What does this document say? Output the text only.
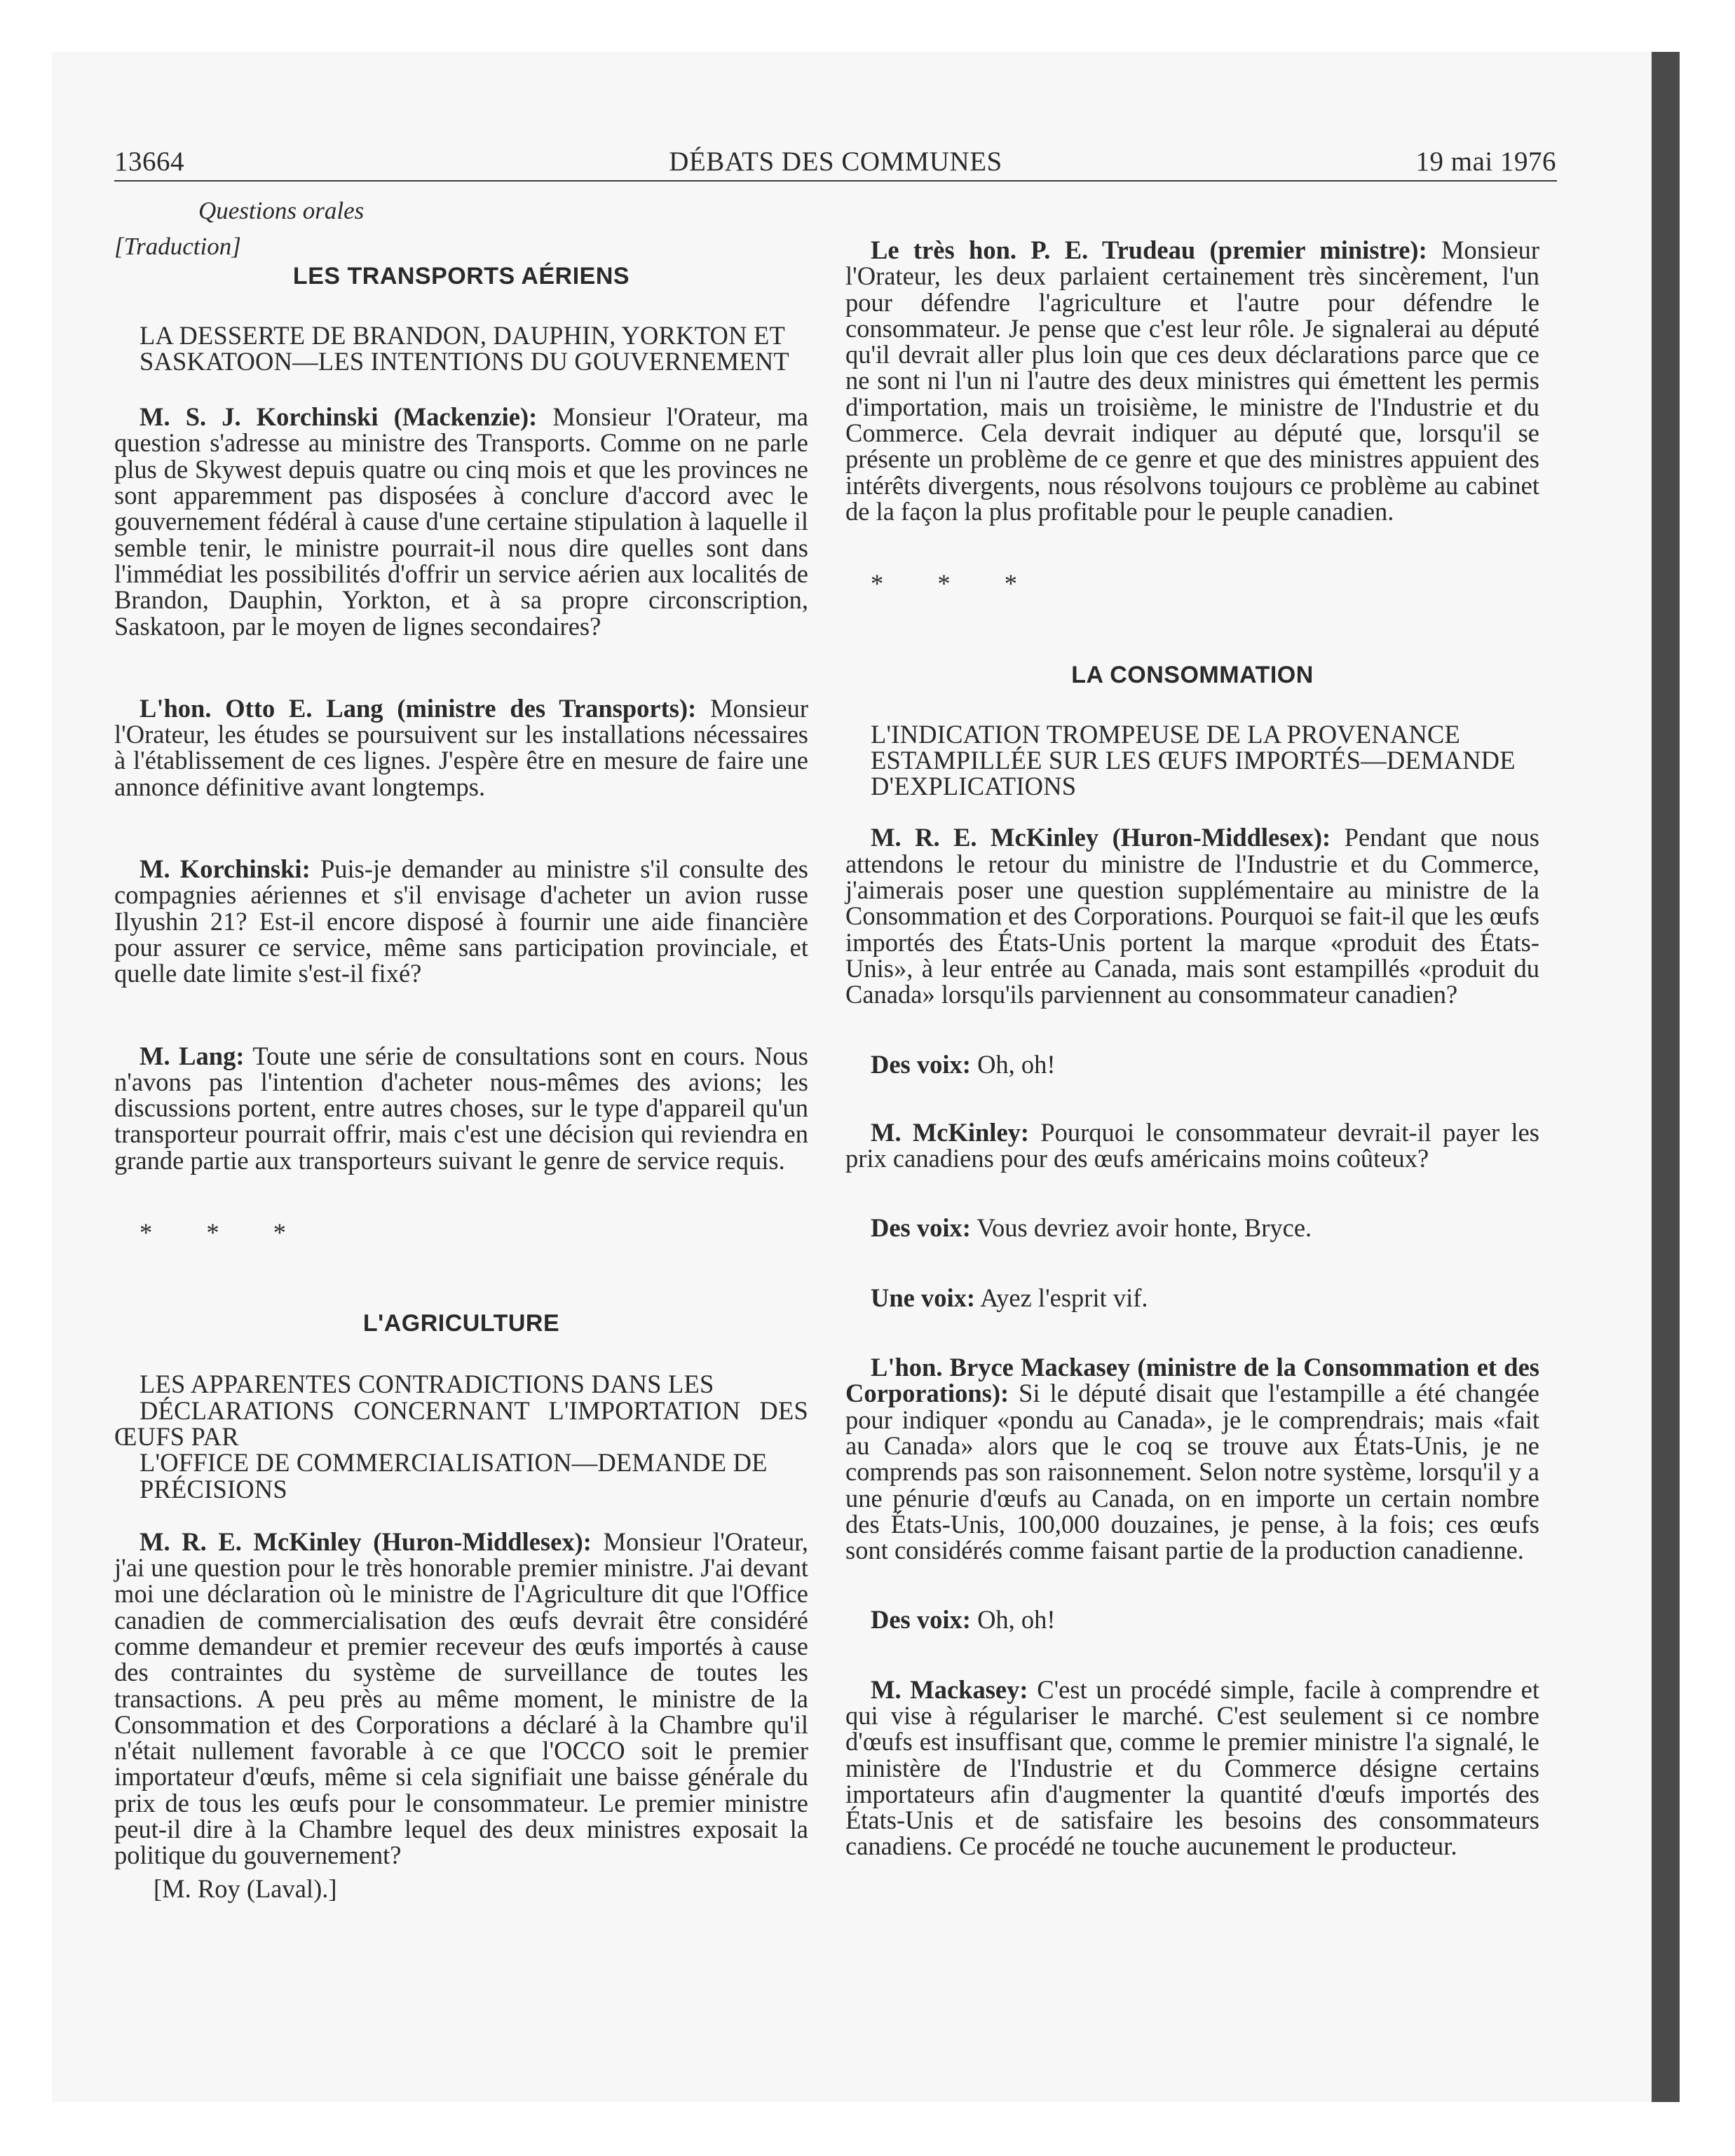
13664	DÉBATS DES COMMUNES	19 mai 1976

Questions orales

[Traduction]

LES TRANSPORTS AÉRIENS

LA DESSERTE DE BRANDON, DAUPHIN, YORKTON ET

SASKATOON—LES INTENTIONS DU GOUVERNEMENT

M. S. J. Korchinski (Mackenzie): Monsieur l'Orateur, ma question s'adresse au ministre des Transports. Comme on ne parle plus de Skywest depuis quatre ou cinq mois et que les provinces ne sont apparemment pas disposées à conclure d'accord avec le gouvernement fédéral à cause d'une certaine stipulation à laquelle il semble tenir, le ministre pourrait-il nous dire quelles sont dans l'immédiat les possibilités d'offrir un service aérien aux localités de Brandon, Dauphin, Yorkton, et à sa propre circonscription, Saskatoon, par le moyen de lignes secondaires?

L'hon. Otto E. Lang (ministre des Transports): Monsieur l'Orateur, les études se poursuivent sur les installations nécessaires à l'établissement de ces lignes. J'espère être en mesure de faire une annonce définitive avant longtemps.

M. Korchinski: Puis-je demander au ministre s'il consulte des compagnies aériennes et s'il envisage d'acheter un avion russe Ilyushin 21? Est-il encore disposé à fournir une aide financière pour assurer ce service, même sans participation provinciale, et quelle date limite s'est-il fixé?

M. Lang: Toute une série de consultations sont en cours. Nous n'avons pas l'intention d'acheter nous-mêmes des avions; les discussions portent, entre autres choses, sur le type d'appareil qu'un transporteur pourrait offrir, mais c'est une décision qui reviendra en grande partie aux transporteurs suivant le genre de service requis.

* * *

L'AGRICULTURE

LES APPARENTES CONTRADICTIONS DANS LES

DÉCLARATIONS CONCERNANT L'IMPORTATION DES ŒUFS PAR

L'OFFICE DE COMMERCIALISATION—DEMANDE DE

PRÉCISIONS

M. R. E. McKinley (Huron-Middlesex): Monsieur l'Orateur, j'ai une question pour le très honorable premier ministre. J'ai devant moi une déclaration où le ministre de l'Agriculture dit que l'Office canadien de commercialisation des œufs devrait être considéré comme demandeur et premier receveur des œufs importés à cause des contraintes du système de surveillance de toutes les transactions. A peu près au même moment, le ministre de la Consommation et des Corporations a déclaré à la Chambre qu'il n'était nullement favorable à ce que l'OCCO soit le premier importateur d'œufs, même si cela signifiait une baisse générale du prix de tous les œufs pour le consommateur. Le premier ministre peut-il dire à la Chambre lequel des deux ministres exposait la politique du gouvernement?

[M. Roy (Laval).]

Le très hon. P. E. Trudeau (premier ministre): Monsieur l'Orateur, les deux parlaient certainement très sincèrement, l'un pour défendre l'agriculture et l'autre pour défendre le consommateur. Je pense que c'est leur rôle. Je signalerai au député qu'il devrait aller plus loin que ces deux déclarations parce que ce ne sont ni l'un ni l'autre des deux ministres qui émettent les permis d'importation, mais un troisième, le ministre de l'Industrie et du Commerce. Cela devrait indiquer au député que, lorsqu'il se présente un problème de ce genre et que des ministres appuient des intérêts divergents, nous résolvons toujours ce problème au cabinet de la façon la plus profitable pour le peuple canadien.

* * *

LA CONSOMMATION

L'INDICATION TROMPEUSE DE LA PROVENANCE

ESTAMPILLÉE SUR LES ŒUFS IMPORTÉS—DEMANDE

D'EXPLICATIONS

M. R. E. McKinley (Huron-Middlesex): Pendant que nous attendons le retour du ministre de l'Industrie et du Commerce, j'aimerais poser une question supplémentaire au ministre de la Consommation et des Corporations. Pourquoi se fait-il que les œufs importés des États-Unis portent la marque «produit des États-Unis», à leur entrée au Canada, mais sont estampillés «produit du Canada» lorsqu'ils parviennent au consommateur canadien?

Des voix: Oh, oh!

M. McKinley: Pourquoi le consommateur devrait-il payer les prix canadiens pour des œufs américains moins coûteux?

Des voix: Vous devriez avoir honte, Bryce.

Une voix: Ayez l'esprit vif.

L'hon. Bryce Mackasey (ministre de la Consommation et des Corporations): Si le député disait que l'estampille a été changée pour indiquer «pondu au Canada», je le comprendrais; mais «fait au Canada» alors que le coq se trouve aux États-Unis, je ne comprends pas son raisonnement. Selon notre système, lorsqu'il y a une pénurie d'œufs au Canada, on en importe un certain nombre des États-Unis, 100,000 douzaines, je pense, à la fois; ces œufs sont considérés comme faisant partie de la production canadienne.

Des voix: Oh, oh!

M. Mackasey: C'est un procédé simple, facile à comprendre et qui vise à régulariser le marché. C'est seulement si ce nombre d'œufs est insuffisant que, comme le premier ministre l'a signalé, le ministère de l'Industrie et du Commerce désigne certains importateurs afin d'augmenter la quantité d'œufs importés des États-Unis et de satisfaire les besoins des consommateurs canadiens. Ce procédé ne touche aucunement le producteur.
